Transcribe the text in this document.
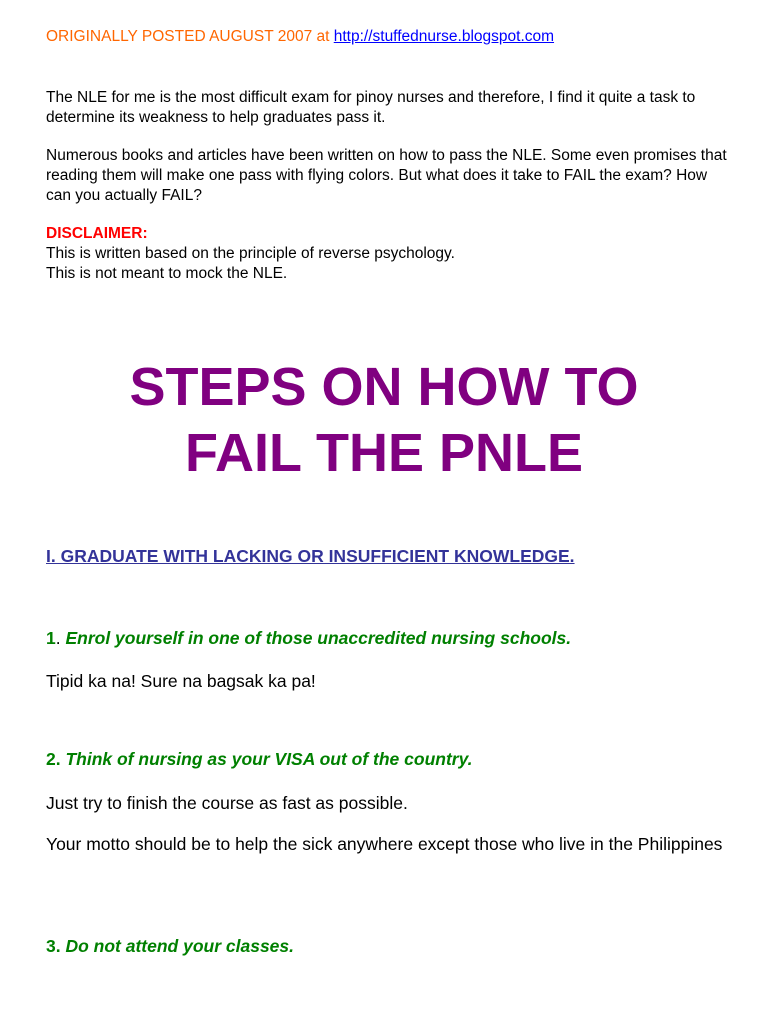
ORIGINALLY POSTED AUGUST 2007 at http://stuffednurse.blogspot.com
The NLE for me is the most difficult exam for pinoy nurses and therefore, I find it quite a task to determine its weakness to help graduates pass it.
Numerous books and articles have been written on how to pass the NLE. Some even promises that reading them will make one pass with flying colors. But what does it take to FAIL the exam? How can you actually FAIL?
DISCLAIMER:
This is written based on the principle of reverse psychology.
This is not meant to mock the NLE.
STEPS ON HOW TO
FAIL THE PNLE
I. GRADUATE WITH LACKING OR INSUFFICIENT KNOWLEDGE.
1. Enrol yourself in one of those unaccredited nursing schools.
Tipid ka na! Sure na bagsak ka pa!
2. Think of nursing as your VISA out of the country.
Just try to finish the course as fast as possible.
Your motto should be to help the sick anywhere except those who live in the Philippines
3. Do not attend your classes.
